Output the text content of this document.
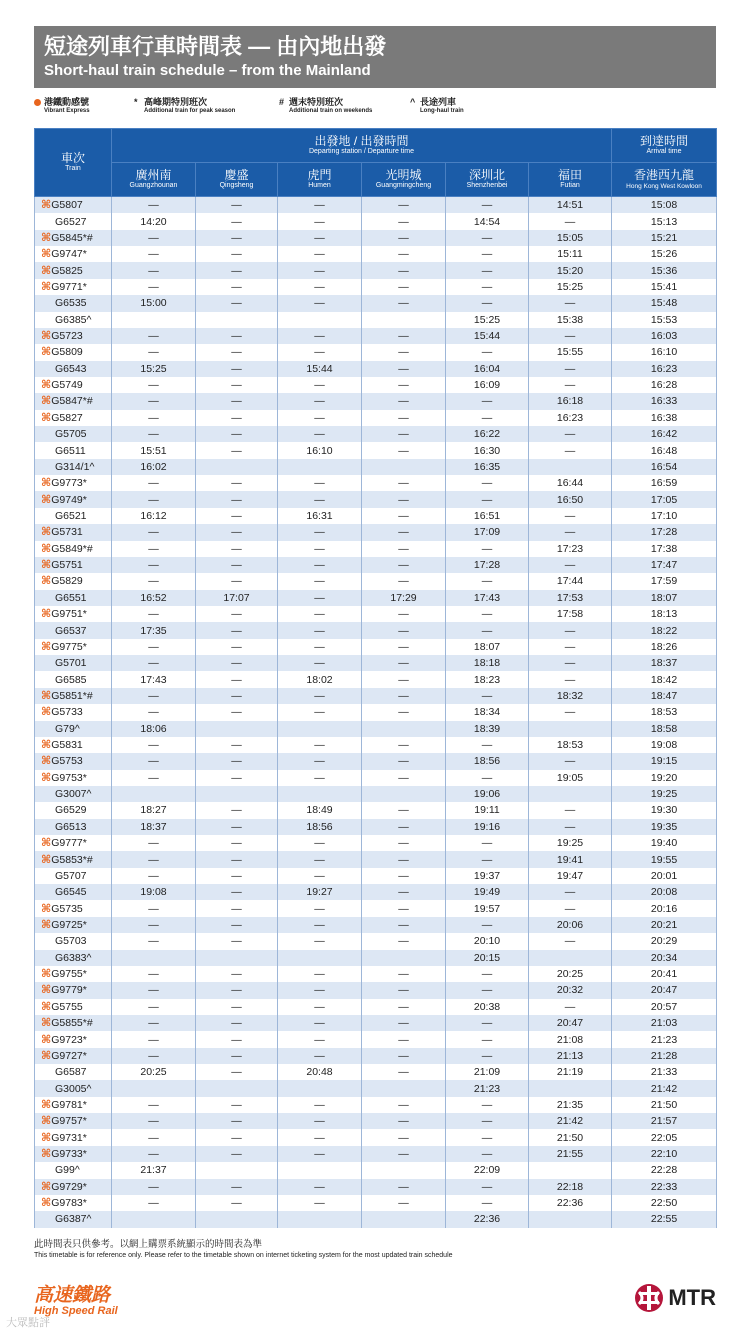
短途列車行車時間表 — 由內地出發
Short-haul train schedule – from the Mainland
港鐵動感號
Vibrant Express
* 高峰期特別班次
Additional train for peak season
# 週末特別班次
Additional train on weekends
^ 長途列車
Long-haul train
車次
Train	出發地 / 出發時間
Departing station / Departure time						到達時間
Arrival time

	廣州南
Guangzhounan	慶盛
Qingsheng	虎門
Humen	光明城
Guangmingcheng	深圳北
Shenzhenbei	福田
Futian	香港西九龍
Hong Kong West Kowloon

⌘G5807	—	—	—	—	—	14:51	15:08
G6527	14:20	—	—	—	14:54	—	15:13
⌘G5845*#	—	—	—	—	—	15:05	15:21
⌘G9747*	—	—	—	—	—	15:11	15:26
⌘G5825	—	—	—	—	—	15:20	15:36
⌘G9771*	—	—	—	—	—	15:25	15:41
G6535	15:00	—	—	—	—	—	15:48
G6385^					15:25	15:38	15:53
⌘G5723	—	—	—	—	15:44	—	16:03
⌘G5809	—	—	—	—	—	15:55	16:10
G6543	15:25	—	15:44	—	16:04	—	16:23
⌘G5749	—	—	—	—	16:09	—	16:28
⌘G5847*#	—	—	—	—	—	16:18	16:33
⌘G5827	—	—	—	—	—	16:23	16:38
G5705	—	—	—	—	16:22	—	16:42
G6511	15:51	—	16:10	—	16:30	—	16:48
G314/1^	16:02				16:35		16:54
⌘G9773*	—	—	—	—	—	16:44	16:59
⌘G9749*	—	—	—	—	—	16:50	17:05
G6521	16:12	—	16:31	—	16:51	—	17:10
⌘G5731	—	—	—	—	17:09	—	17:28
⌘G5849*#	—	—	—	—	—	17:23	17:38
⌘G5751	—	—	—	—	17:28	—	17:47
⌘G5829	—	—	—	—	—	17:44	17:59
G6551	16:52	17:07	—	17:29	17:43	17:53	18:07
⌘G9751*	—	—	—	—	—	17:58	18:13
G6537	17:35	—	—	—	—	—	18:22
⌘G9775*	—	—	—	—	18:07	—	18:26
G5701	—	—	—	—	18:18	—	18:37
G6585	17:43	—	18:02	—	18:23	—	18:42
⌘G5851*#	—	—	—	—	—	18:32	18:47
⌘G5733	—	—	—	—	18:34	—	18:53
G79^	18:06				18:39		18:58
⌘G5831	—	—	—	—	—	18:53	19:08
⌘G5753	—	—	—	—	18:56	—	19:15
⌘G9753*	—	—	—	—	—	19:05	19:20
G3007^					19:06		19:25
G6529	18:27	—	18:49	—	19:11	—	19:30
G6513	18:37	—	18:56	—	19:16	—	19:35
⌘G9777*	—	—	—	—	—	19:25	19:40
⌘G5853*#	—	—	—	—	—	19:41	19:55
G5707	—	—	—	—	19:37	19:47	20:01
G6545	19:08	—	19:27	—	19:49	—	20:08
⌘G5735	—	—	—	—	19:57	—	20:16
⌘G9725*	—	—	—	—	—	20:06	20:21
G5703	—	—	—	—	20:10	—	20:29
G6383^					20:15		20:34
⌘G9755*	—	—	—	—	—	20:25	20:41
⌘G9779*	—	—	—	—	—	20:32	20:47
⌘G5755	—	—	—	—	20:38	—	20:57
⌘G5855*#	—	—	—	—	—	20:47	21:03
⌘G9723*	—	—	—	—	—	21:08	21:23
⌘G9727*	—	—	—	—	—	21:13	21:28
G6587	20:25	—	20:48	—	21:09	21:19	21:33
G3005^					21:23		21:42
⌘G9781*	—	—	—	—	—	21:35	21:50
⌘G9757*	—	—	—	—	—	21:42	21:57
⌘G9731*	—	—	—	—	—	21:50	22:05
⌘G9733*	—	—	—	—	—	21:55	22:10
G99^	21:37				22:09		22:28
⌘G9729*	—	—	—	—	—	22:18	22:33
⌘G9783*	—	—	—	—	—	22:36	22:50
G6387^					22:36		22:55
此時間表只供參考。以網上購票系統顯示的時間表為準
This timetable is for reference only. Please refer to the timetable shown on internet ticketing system for the most updated train schedule
高速鐵路
High Speed Rail
MTR
大眾點評
